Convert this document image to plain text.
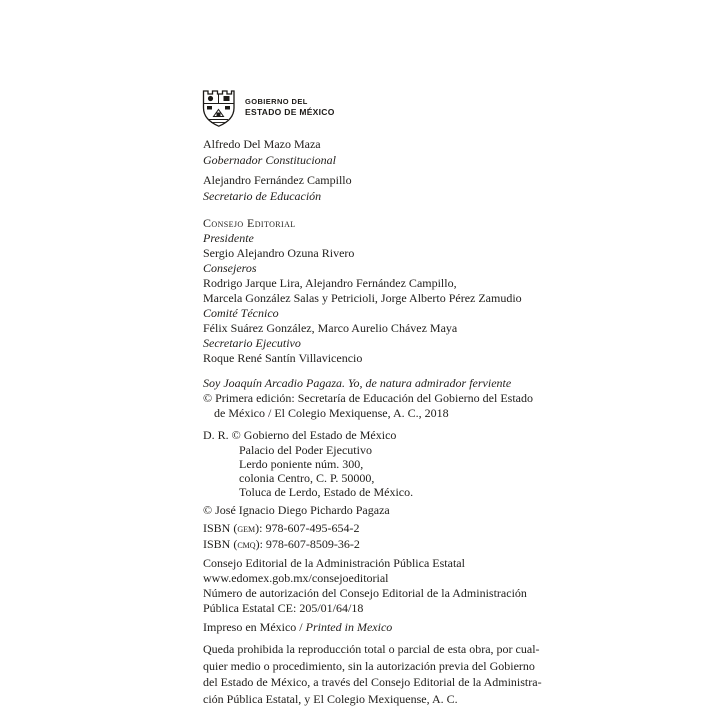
GOBIERNO DEL
ESTADO DE MÉXICO
Alfredo Del Mazo Maza
Gobernador Constitucional
Alejandro Fernández Campillo
Secretario de Educación
Consejo Editorial
Presidente
Sergio Alejandro Ozuna Rivero
Consejeros
Rodrigo Jarque Lira, Alejandro Fernández Campillo,
Marcela González Salas y Petricioli, Jorge Alberto Pérez Zamudio
Comité Técnico
Félix Suárez González, Marco Aurelio Chávez Maya
Secretario Ejecutivo
Roque René Santín Villavicencio
Soy Joaquín Arcadio Pagaza. Yo, de natura admirador ferviente
© Primera edición: Secretaría de Educación del Gobierno del Estado
de México / El Colegio Mexiquense, A. C., 2018
D. R. © Gobierno del Estado de México
Palacio del Poder Ejecutivo
Lerdo poniente núm. 300,
colonia Centro, C. P. 50000,
Toluca de Lerdo, Estado de México.
© José Ignacio Diego Pichardo Pagaza
ISBN (gem): 978-607-495-654-2
ISBN (cmq): 978-607-8509-36-2
Consejo Editorial de la Administración Pública Estatal
www.edomex.gob.mx/consejoeditorial
Número de autorización del Consejo Editorial de la Administración
Pública Estatal CE: 205/01/64/18
Impreso en México / Printed in Mexico
Queda prohibida la reproducción total o parcial de esta obra, por cual-
quier medio o procedimiento, sin la autorización previa del Gobierno
del Estado de México, a través del Consejo Editorial de la Administra-
ción Pública Estatal, y El Colegio Mexiquense, A. C.
